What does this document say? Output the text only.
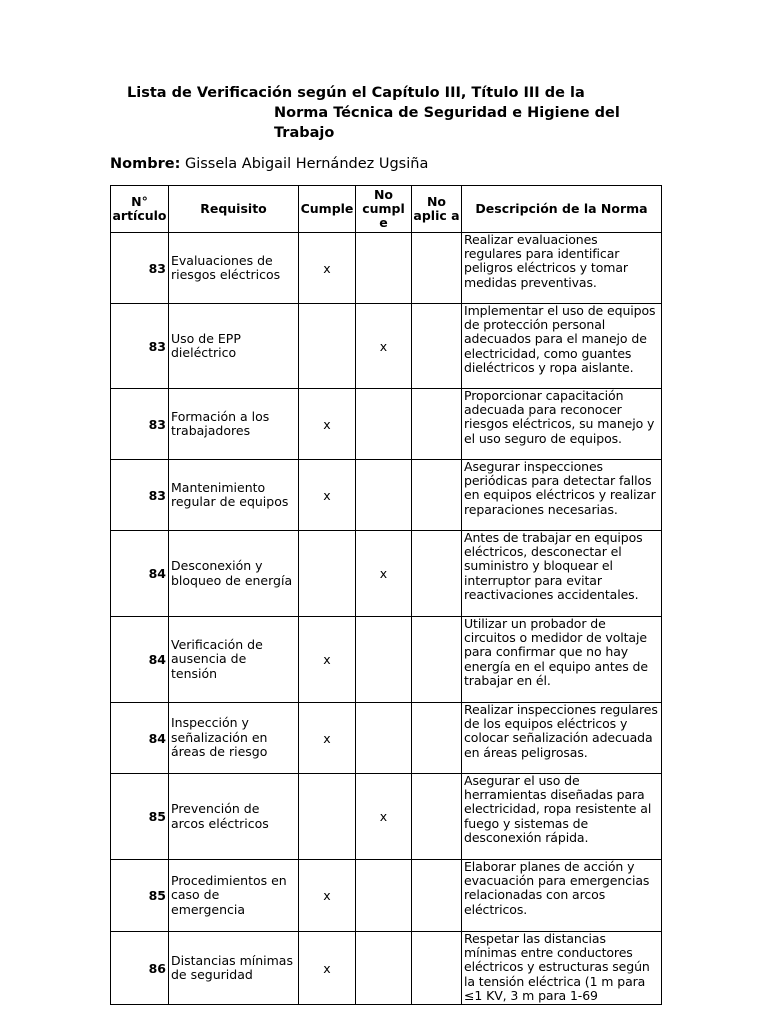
Lista de Verificación según el Capítulo III, Título III de la
Norma Técnica de Seguridad e Higiene del
Trabajo
Nombre: Gissela Abigail Hernández Ugsiña
N° artículo	Requisito	Cumple	No cumpl e	No aplic a	Descripción de la Norma
83	Evaluaciones de riesgos eléctricos	x			Realizar evaluaciones regulares para identificar peligros eléctricos y tomar medidas preventivas.
83	Uso de EPP dieléctrico		x		Implementar el uso de equipos de protección personal adecuados para el manejo de electricidad, como guantes dieléctricos y ropa aislante.
83	Formación a los trabajadores	x			Proporcionar capacitación adecuada para reconocer riesgos eléctricos, su manejo y el uso seguro de equipos.
83	Mantenimiento regular de equipos	x			Asegurar inspecciones periódicas para detectar fallos en equipos eléctricos y realizar reparaciones necesarias.
84	Desconexión y bloqueo de energía		x		Antes de trabajar en equipos eléctricos, desconectar el suministro y bloquear el interruptor para evitar reactivaciones accidentales.
84	Verificación de ausencia de tensión	x			Utilizar un probador de circuitos o medidor de voltaje para confirmar que no hay energía en el equipo antes de trabajar en él.
84	Inspección y señalización en áreas de riesgo	x			Realizar inspecciones regulares de los equipos eléctricos y colocar señalización adecuada en áreas peligrosas.
85	Prevención de arcos eléctricos		x		Asegurar el uso de herramientas diseñadas para electricidad, ropa resistente al fuego y sistemas de desconexión rápida.
85	Procedimientos en caso de emergencia	x			Elaborar planes de acción y evacuación para emergencias relacionadas con arcos eléctricos.
86	Distancias mínimas de seguridad	x			Respetar las distancias mínimas entre conductores eléctricos y estructuras según la tensión eléctrica (1 m para ≤1 KV, 3 m para 1-69
